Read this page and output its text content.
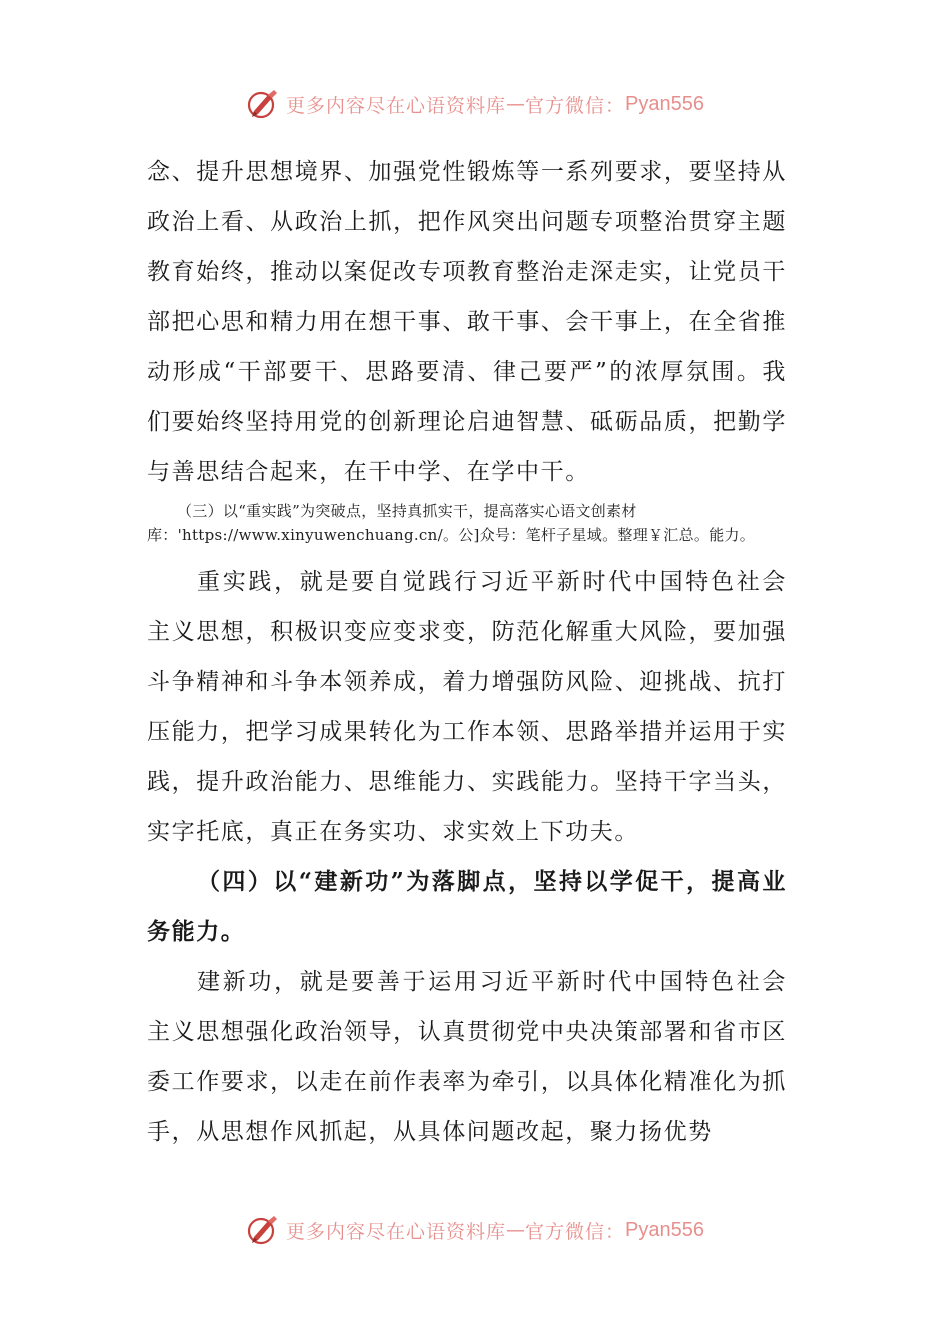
更多内容尽在心语资料库 — 官方微信： Pyan556

念、提升思想境界、加强党性锻炼等一系列要求，要坚持从政治上看、从政治上抓，把作风突出问题专项整治贯穿主题教育始终，推动以案促改专项教育整治走深走实，让党员干部把心思和精力用在想干事、敢干事、会干事上，在全省推动形成“干部要干、思路要清、律己要严”的浓厚氛围。我们要始终坚持用党的创新理论启迪智慧、砥砺品质，把勤学与善思结合起来，在干中学、在学中干。

（三）以“重实践”为突破点，坚持真抓实干，提高落实心语文创素材库：'https://www.xinyuwenchuang.cn/。公]众号：笔杆子星域。整理￥汇总。能力。

重实践，就是要自觉践行习近平新时代中国特色社会主义思想，积极识变应变求变，防范化解重大风险，要加强斗争精神和斗争本领养成，着力增强防风险、迎挑战、抗打压能力，把学习成果转化为工作本领、思路举措并运用于实践，提升政治能力、思维能力、实践能力。坚持干字当头，实字托底，真正在务实功、求实效上下功夫。

（四）以“建新功”为落脚点，坚持以学促干，提高业务能力。

建新功，就是要善于运用习近平新时代中国特色社会主义思想强化政治领导，认真贯彻党中央决策部署和省市区委工作要求，以走在前作表率为牵引，以具体化精准化为抓手，从思想作风抓起，从具体问题改起，聚力扬优势

更多内容尽在心语资料库 — 官方微信： Pyan556
